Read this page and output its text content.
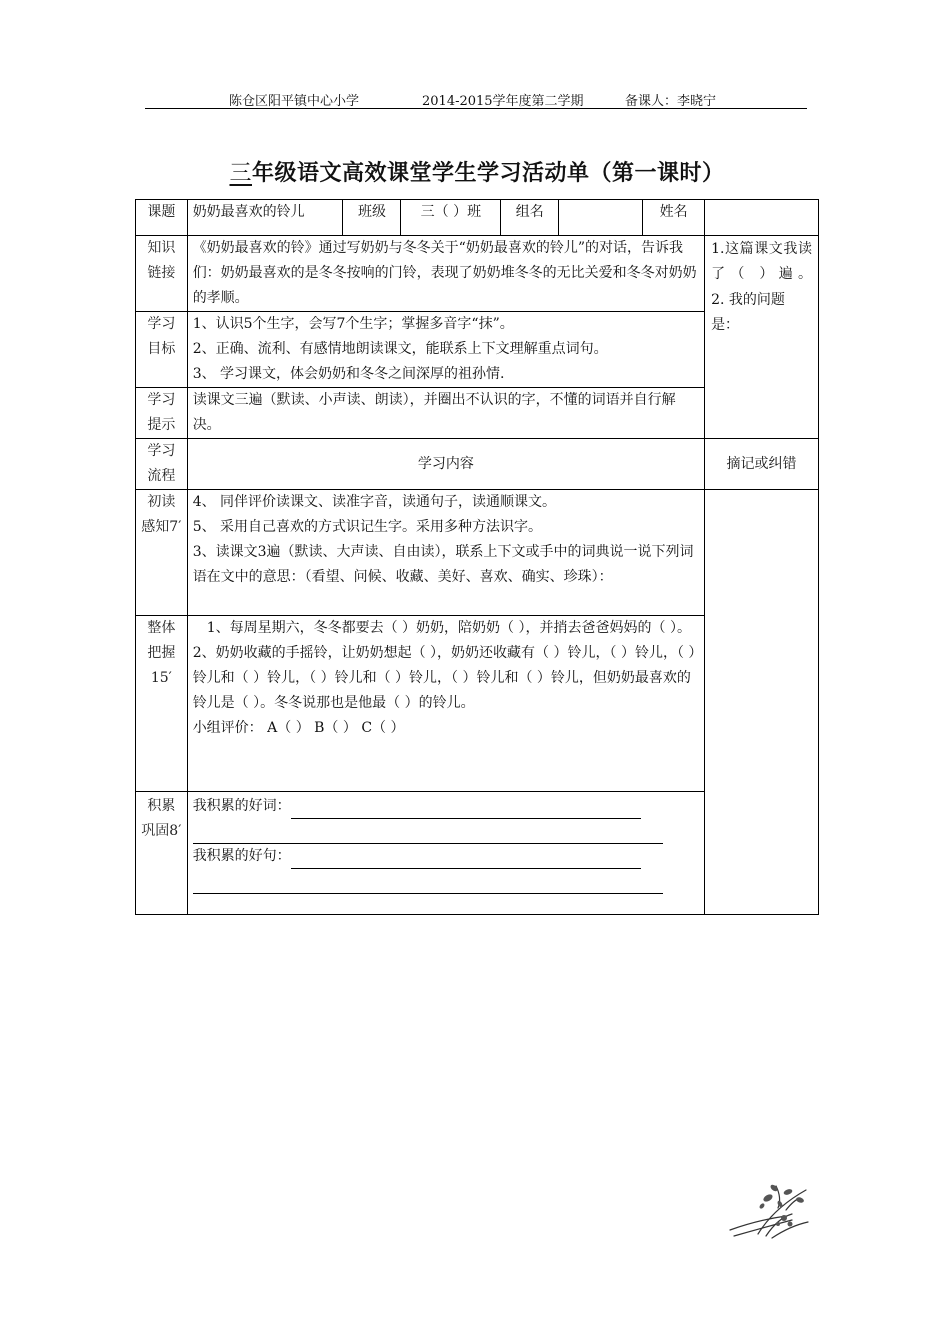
陈仓区阳平镇中心小学	2014-2015学年度第二学期	备课人：李晓宁
三年级语文高效课堂学生学习活动单（第一课时）
课题	奶奶最喜欢的铃儿	班级	三（ ）班	组名		姓名	
知识链接	《奶奶最喜欢的铃》通过写奶奶与冬冬关于“奶奶最喜欢的铃儿”的对话，告诉我们：奶奶最喜欢的是冬冬按响的门铃，表现了奶奶堆冬冬的无比关爱和冬冬对奶奶的孝顺。						1.这篇课文我读了（ ）遍。
2. 我的问题是：

学习目标	1、认识5个生字，会写7个生字；掌握多音字“抹”。
2、正确、流利、有感情地朗读课文，能联系上下文理解重点词句。
3、 学习课文，体会奶奶和冬冬之间深厚的祖孙情.						

学习提示	读课文三遍（默读、小声读、朗读），并圈出不认识的字，不懂的词语并自行解决。						
学习流程	学习内容						摘记或纠错
初读感知7′	4、 同伴评价读课文、读准字音，读通句子，读通顺课文。
5、 采用自己喜欢的方式识记生字。采用多种方法识字。
3、读课文3遍（默读、大声读、自由读），联系上下文或手中的词典说一说下列词语在文中的意思：（看望、问候、收藏、美好、喜欢、确实、珍珠）：						

整体把握15′	1、每周星期六，冬冬都要去（ ）奶奶，陪奶奶（ ），并捎去爸爸妈妈的（ ）。
2、奶奶收藏的手摇铃，让奶奶想起（ ），奶奶还收藏有（ ）铃儿，（ ）铃儿，（ ）铃儿和（ ）铃儿，（ ）铃儿和（ ）铃儿，（ ）铃儿和（ ）铃儿，但奶奶最喜欢的铃儿是（ ）。冬冬说那也是他最（ ）的铃儿。
小组评价： A（ ） B（ ） C（ ）						

积累巩固8′	我积累的好词：
我积累的好句：						
